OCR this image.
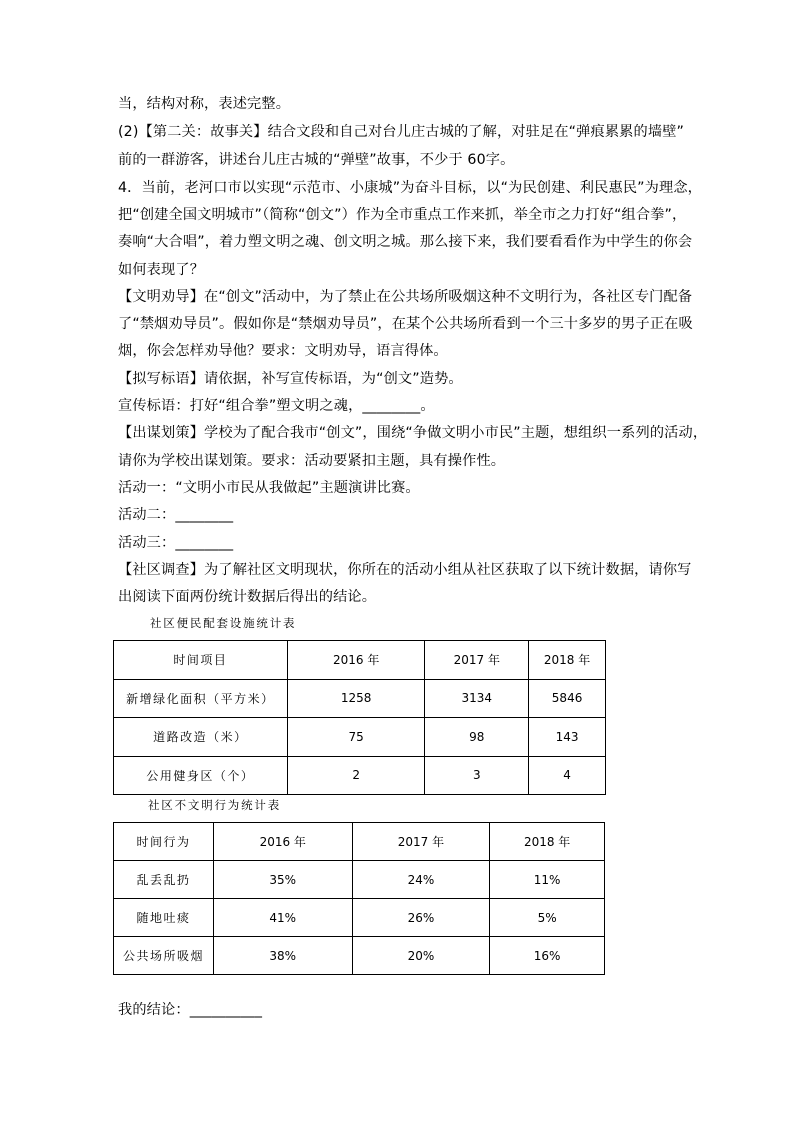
当，结构对称，表述完整。
(2)【第二关：故事关】结合文段和自己对台儿庄古城的了解，对驻足在“弹痕累累的墙壁”
前的一群游客，讲述台儿庄古城的“弹壁”故事，不少于 60字。
4．当前，老河口市以实现“示范市、小康城”为奋斗目标，以“为民创建、利民惠民”为理念，
把“创建全国文明城市”（简称“创文”）作为全市重点工作来抓，举全市之力打好“组合拳”，
奏响“大合唱”，着力塑文明之魂、创文明之城。那么接下来，我们要看看作为中学生的你会
如何表现了？
【文明劝导】在“创文”活动中，为了禁止在公共场所吸烟这种不文明行为，各社区专门配备
了“禁烟劝导员”。假如你是“禁烟劝导员”，在某个公共场所看到一个三十多岁的男子正在吸
烟，你会怎样劝导他？要求：文明劝导，语言得体。
【拟写标语】请依据，补写宣传标语，为“创文”造势。
宣传标语：打好“组合拳”塑文明之魂，________。
【出谋划策】学校为了配合我市“创文”，围绕“争做文明小市民”主题，想组织一系列的活动，
请你为学校出谋划策。要求：活动要紧扣主题，具有操作性。
活动一：“文明小市民从我做起”主题演讲比赛。
活动二：________
活动三：________
【社区调查】为了解社区文明现状，你所在的活动小组从社区获取了以下统计数据，请你写
出阅读下面两份统计数据后得出的结论。
社区便民配套设施统计表
时间项目	2016 年	2017 年	2018 年
新增绿化面积（平方米）	1258	3134	5846
道路改造（米）	75	98	143
公用健身区（个）	2	3	4
社区不文明行为统计表
时间行为	2016 年	2017 年	2018 年
乱丢乱扔	35%	24%	11%
随地吐痰	41%	26%	5%
公共场所吸烟	38%	20%	16%
我的结论：__________
